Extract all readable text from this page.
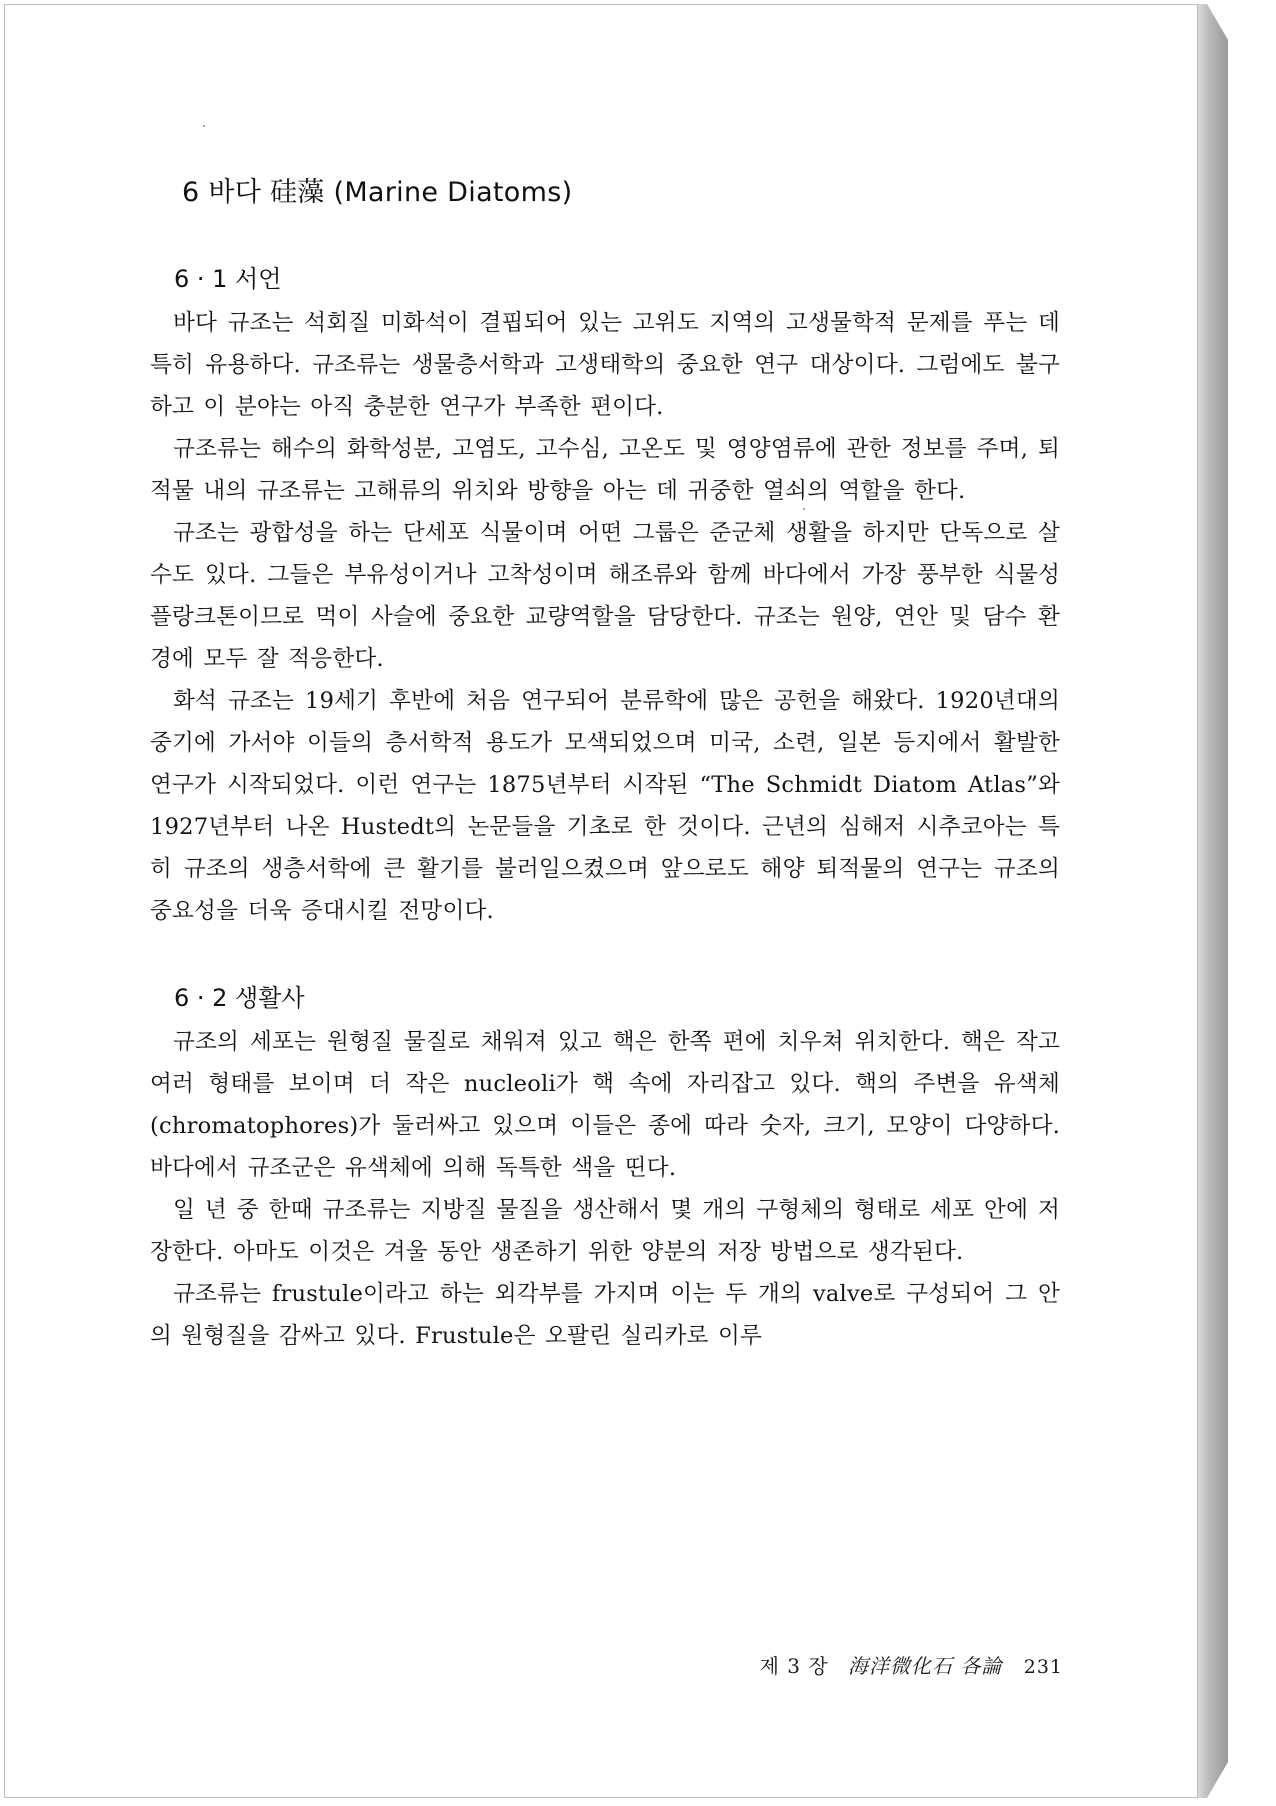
6 바다 硅藻 (Marine Diatoms)
6 · 1 서언

바다 규조는 석회질 미화석이 결핍되어 있는 고위도 지역의 고생물학적 문제를 푸는 데 특히 유용하다. 규조류는 생물층서학과 고생태학의 중요한 연구 대상이다. 그럼에도 불구하고 이 분야는 아직 충분한 연구가 부족한 편이다.

규조류는 해수의 화학성분, 고염도, 고수심, 고온도 및 영양염류에 관한 정보를 주며, 퇴적물 내의 규조류는 고해류의 위치와 방향을 아는 데 귀중한 열쇠의 역할을 한다.

규조는 광합성을 하는 단세포 식물이며 어떤 그룹은 준군체 생활을 하지만 단독으로 살 수도 있다. 그들은 부유성이거나 고착성이며 해조류와 함께 바다에서 가장 풍부한 식물성 플랑크톤이므로 먹이 사슬에 중요한 교량역할을 담당한다. 규조는 원양, 연안 및 담수 환경에 모두 잘 적응한다.

화석 규조는 19세기 후반에 처음 연구되어 분류학에 많은 공헌을 해왔다. 1920년대의 중기에 가서야 이들의 층서학적 용도가 모색되었으며 미국, 소련, 일본 등지에서 활발한 연구가 시작되었다. 이런 연구는 1875년부터 시작된 “The Schmidt Diatom Atlas”와 1927년부터 나온 Hustedt의 논문들을 기초로 한 것이다. 근년의 심해저 시추코아는 특히 규조의 생층서학에 큰 활기를 불러일으켰으며 앞으로도 해양 퇴적물의 연구는 규조의 중요성을 더욱 증대시킬 전망이다.

6 · 2 생활사

규조의 세포는 원형질 물질로 채워져 있고 핵은 한쪽 편에 치우쳐 위치한다. 핵은 작고 여러 형태를 보이며 더 작은 nucleoli가 핵 속에 자리잡고 있다. 핵의 주변을 유색체(chromatophores)가 둘러싸고 있으며 이들은 종에 따라 숫자, 크기, 모양이 다양하다. 바다에서 규조군은 유색체에 의해 독특한 색을 띤다.

일 년 중 한때 규조류는 지방질 물질을 생산해서 몇 개의 구형체의 형태로 세포 안에 저장한다. 아마도 이것은 겨울 동안 생존하기 위한 양분의 저장 방법으로 생각된다.

규조류는 frustule이라고 하는 외각부를 가지며 이는 두 개의 valve로 구성되어 그 안의 원형질을 감싸고 있다. Frustule은 오팔린 실리카로 이루

제 3 장 海洋微化石 各論 231
